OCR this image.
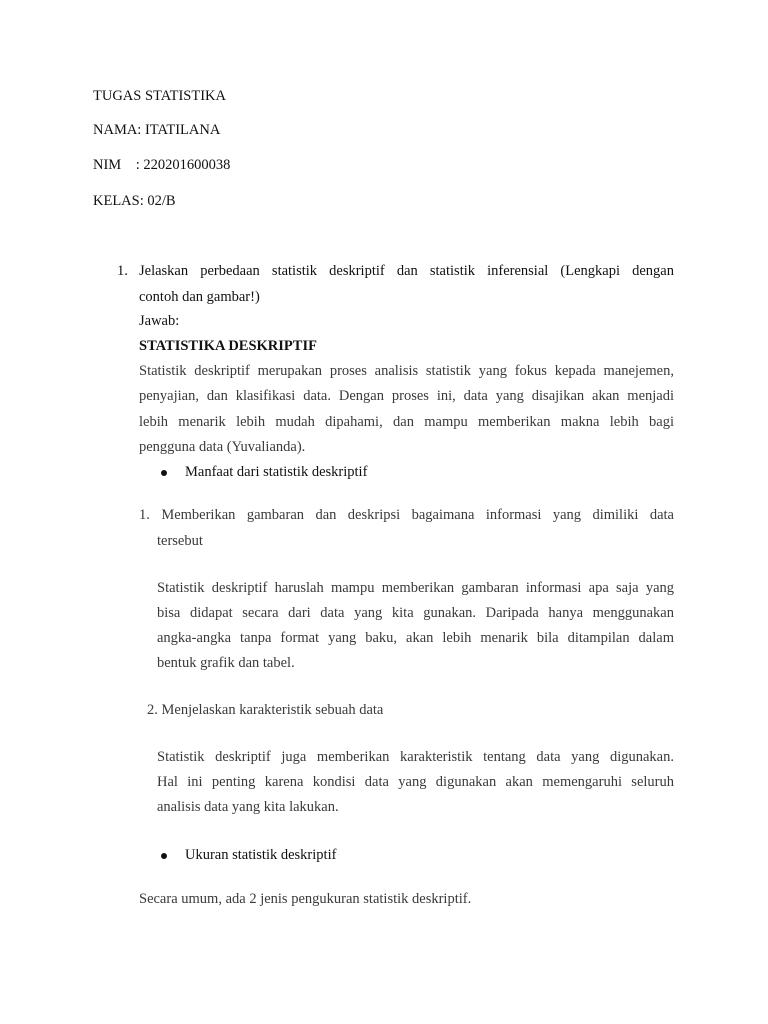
TUGAS STATISTIKA

NAMA: ITATILANA

NIM    : 220201600038

KELAS: 02/B

1. Jelaskan perbedaan statistik deskriptif dan statistik inferensial (Lengkapi dengan

contoh dan gambar!)

Jawab:

STATISTIKA DESKRIPTIF

Statistik deskriptif merupakan proses analisis statistik yang fokus kepada manejemen,

penyajian, dan klasifikasi data. Dengan proses ini, data yang disajikan akan menjadi

lebih menarik lebih mudah dipahami, dan mampu memberikan makna lebih bagi

pengguna data (Yuvalianda).

Manfaat dari statistik deskriptif

1. Memberikan gambaran dan deskripsi bagaimana informasi yang dimiliki data

tersebut

Statistik deskriptif haruslah mampu memberikan gambaran informasi apa saja yang

bisa didapat secara dari data yang kita gunakan. Daripada hanya menggunakan

angka-angka tanpa format yang baku, akan lebih menarik bila ditampilan dalam

bentuk grafik dan tabel.

2. Menjelaskan karakteristik sebuah data

Statistik deskriptif juga memberikan karakteristik tentang data yang digunakan.

Hal ini penting karena kondisi data yang digunakan akan memengaruhi seluruh

analisis data yang kita lakukan.

Ukuran statistik deskriptif

Secara umum, ada 2 jenis pengukuran statistik deskriptif.
